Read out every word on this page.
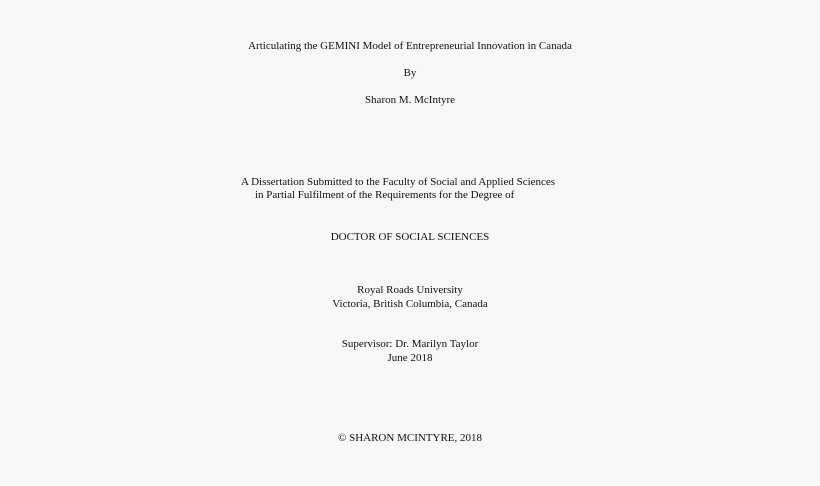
Articulating the GEMINI Model of Entrepreneurial Innovation in Canada
By
Sharon M. McIntyre
A Dissertation Submitted to the Faculty of Social and Applied Sciences
in Partial Fulfilment of the Requirements for the Degree of
DOCTOR OF SOCIAL SCIENCES
Royal Roads University
Victoria, British Columbia, Canada
Supervisor: Dr. Marilyn Taylor
June 2018
© SHARON MCINTYRE, 2018
